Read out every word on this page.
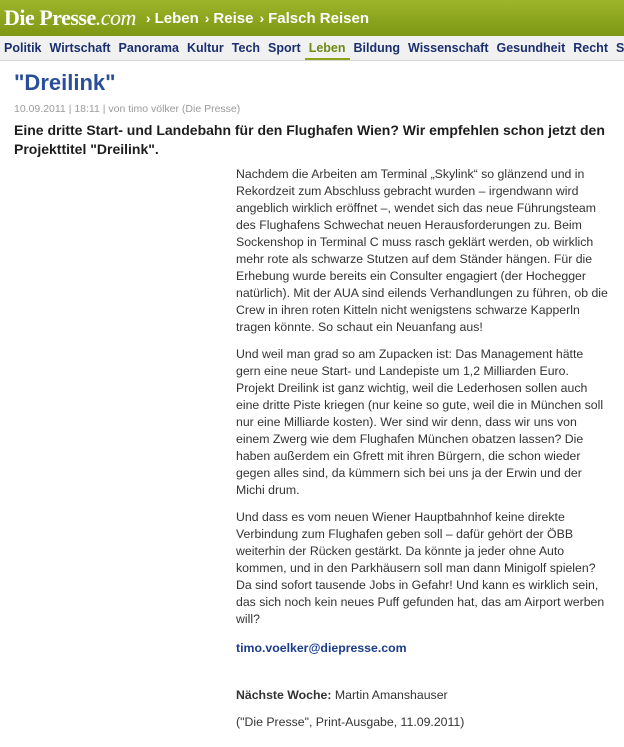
Die Presse.com › Leben › Reise › Falsch Reisen
Politik Wirtschaft Panorama Kultur Tech Sport Leben Bildung Wissenschaft Gesundheit Recht S
"Dreilink"
10.09.2011 | 18:11 | von timo völker (Die Presse)
Eine dritte Start- und Landebahn für den Flughafen Wien? Wir empfehlen schon jetzt den Projekttitel "Dreilink".

Nachdem die Arbeiten am Terminal „Skylink“ so glänzend und in Rekordzeit zum Abschluss gebracht wurden – irgendwann wird angeblich wirklich eröffnet –, wendet sich das neue Führungsteam des Flughafens Schwechat neuen Herausforderungen zu. Beim Sockenshop in Terminal C muss rasch geklärt werden, ob wirklich mehr rote als schwarze Stutzen auf dem Ständer hängen. Für die Erhebung wurde bereits ein Consulter engagiert (der Hochegger natürlich). Mit der AUA sind eilends Verhandlungen zu führen, ob die Crew in ihren roten Kitteln nicht wenigstens schwarze Kapperln tragen könnte. So schaut ein Neuanfang aus!

Und weil man grad so am Zupacken ist: Das Management hätte gern eine neue Start- und Landepiste um 1,2 Milliarden Euro. Projekt Dreilink ist ganz wichtig, weil die Lederhosen sollen auch eine dritte Piste kriegen (nur keine so gute, weil die in München soll nur eine Milliarde kosten). Wer sind wir denn, dass wir uns von einem Zwerg wie dem Flughafen München obatzen lassen? Die haben außerdem ein Gfrett mit ihren Bürgern, die schon wieder gegen alles sind, da kümmern sich bei uns ja der Erwin und der Michi drum.

Und dass es vom neuen Wiener Hauptbahnhof keine direkte Verbindung zum Flughafen geben soll – dafür gehört der ÖBB weiterhin der Rücken gestärkt. Da könnte ja jeder ohne Auto kommen, und in den Parkhäusern soll man dann Minigolf spielen? Da sind sofort tausende Jobs in Gefahr! Und kann es wirklich sein, das sich noch kein neues Puff gefunden hat, das am Airport werben will?

timo.voelker@diepresse.com

Nächste Woche: Martin Amanshauser

("Die Presse", Print-Ausgabe, 11.09.2011)
